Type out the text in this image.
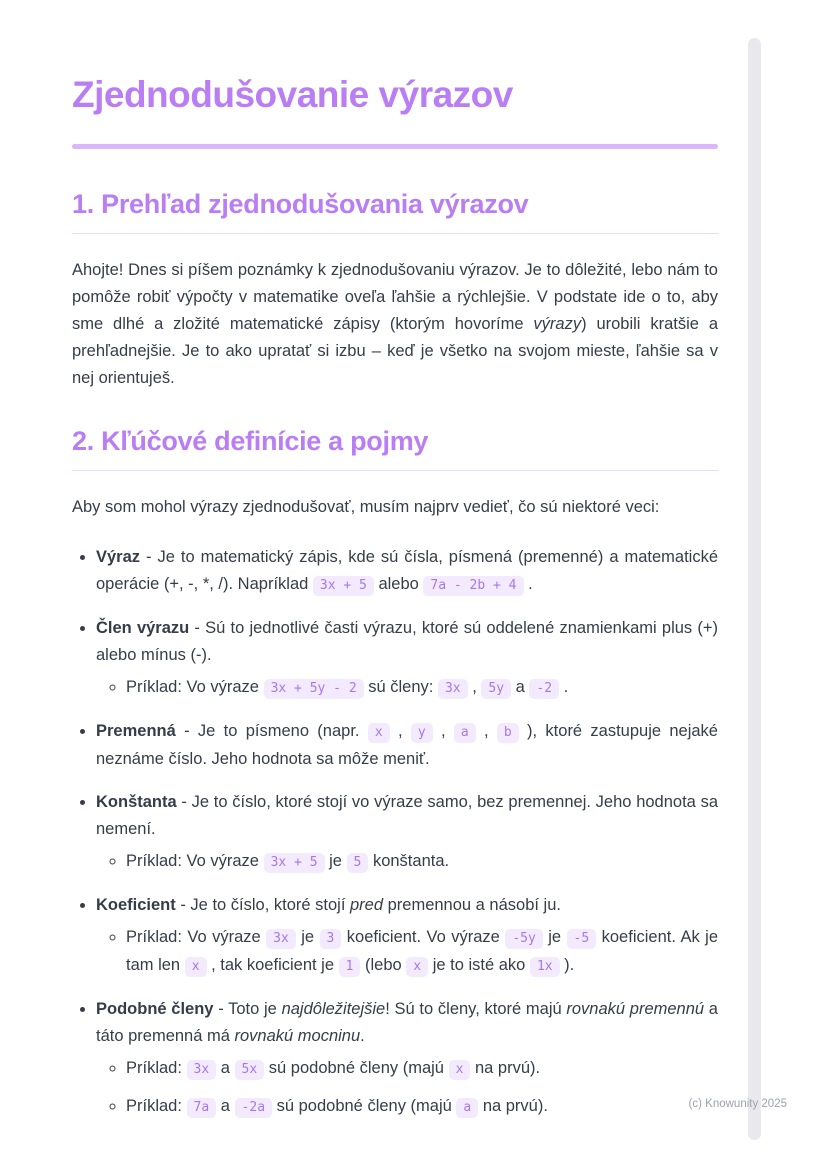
Zjednodušovanie výrazov
1. Prehľad zjednodušovania výrazov

Ahojte! Dnes si píšem poznámky k zjednodušovaniu výrazov. Je to dôležité, lebo nám to pomôže robiť výpočty v matematike oveľa ľahšie a rýchlejšie. V podstate ide o to, aby sme dlhé a zložité matematické zápisy (ktorým hovoríme výrazy) urobili kratšie a prehľadnejšie. Je to ako upratať si izbu – keď je všetko na svojom mieste, ľahšie sa v nej orientuješ.

2. Kľúčové definície a pojmy

Aby som mohol výrazy zjednodušovať, musím najprv vedieť, čo sú niektoré veci:

• Výraz - Je to matematický zápis, kde sú čísla, písmená (premenné) a matematické operácie (+, -, *, /). Napríklad 3x + 5 alebo 7a - 2b + 4 .
• Člen výrazu - Sú to jednotlivé časti výrazu, ktoré sú oddelené znamienkami plus (+) alebo mínus (-).
◦ Príklad: Vo výraze 3x + 5y - 2 sú členy: 3x , 5y a -2 .
• Premenná - Je to písmeno (napr. x , y , a , b ), ktoré zastupuje nejaké neznáme číslo. Jeho hodnota sa môže meniť.
• Konštanta - Je to číslo, ktoré stojí vo výraze samo, bez premennej. Jeho hodnota sa nemení.
◦ Príklad: Vo výraze 3x + 5 je 5 konštanta.
• Koeficient - Je to číslo, ktoré stojí pred premennou a násobí ju.
◦ Príklad: Vo výraze 3x je 3 koeficient. Vo výraze -5y je -5 koeficient. Ak je tam len x , tak koeficient je 1 (lebo x je to isté ako 1x ).
• Podobné členy - Toto je najdôležitejšie! Sú to členy, ktoré majú rovnakú premennú a táto premenná má rovnakú mocninu.
◦ Príklad: 3x a 5x sú podobné členy (majú x na prvú).
◦ Príklad: 7a a -2a sú podobné členy (majú a na prvú).	(c) Knowunity 2025
